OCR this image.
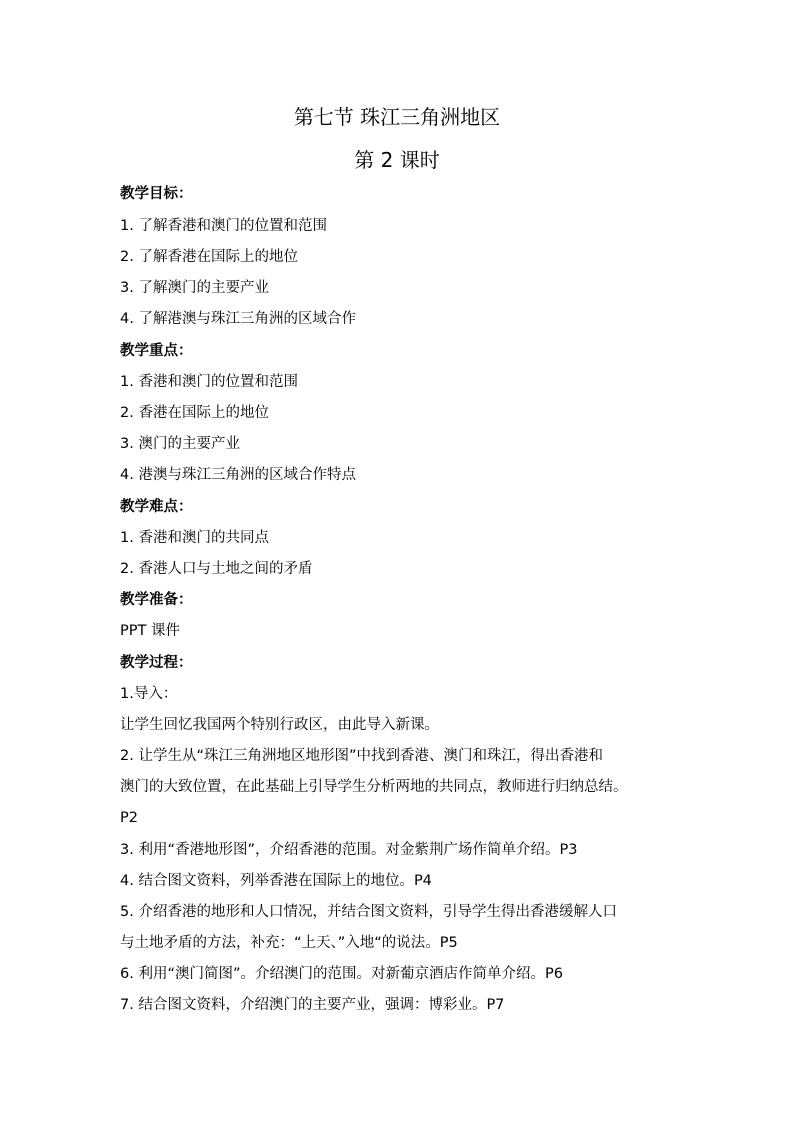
第七节 珠江三角洲地区
第 2 课时
教学目标：
1. 了解香港和澳门的位置和范围
2. 了解香港在国际上的地位
3. 了解澳门的主要产业
4. 了解港澳与珠江三角洲的区域合作
教学重点：
1. 香港和澳门的位置和范围
2. 香港在国际上的地位
3. 澳门的主要产业
4. 港澳与珠江三角洲的区域合作特点
教学难点：
1. 香港和澳门的共同点
2. 香港人口与土地之间的矛盾
教学准备：
PPT 课件
教学过程：
1.导入：
让学生回忆我国两个特别行政区，由此导入新课。
2. 让学生从“珠江三角洲地区地形图”中找到香港、澳门和珠江，得出香港和
澳门的大致位置，在此基础上引导学生分析两地的共同点，教师进行归纳总结。
P2
3. 利用“香港地形图”，介绍香港的范围。对金紫荆广场作简单介绍。P3
4. 结合图文资料，列举香港在国际上的地位。P4
5. 介绍香港的地形和人口情况，并结合图文资料，引导学生得出香港缓解人口
与土地矛盾的方法，补充：“上天、”入地“的说法。P5
6. 利用“澳门简图”。介绍澳门的范围。对新葡京酒店作简单介绍。P6
7. 结合图文资料，介绍澳门的主要产业，强调：博彩业。P7
